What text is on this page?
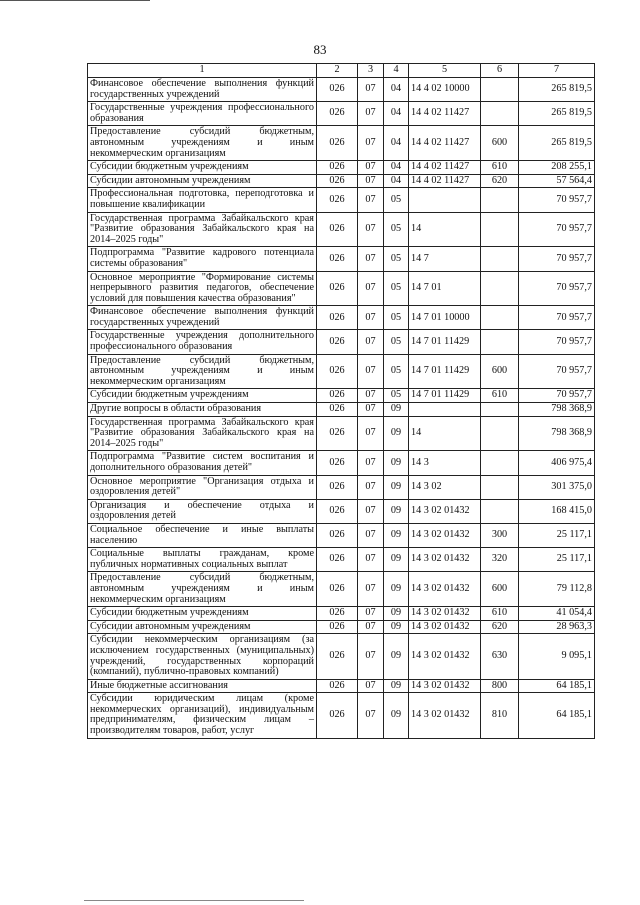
83
1	2	3	4	5	6	7
Финансовое обеспечение выполнения функций государственных учреждений	026	07	04	14 4 02 10000		265 819,5
Государственные учреждения профессионального образования	026	07	04	14 4 02 11427		265 819,5
Предоставление субсидий бюджетным, автономным учреждениям и иным некоммерческим организациям	026	07	04	14 4 02 11427	600	265 819,5
Субсидии бюджетным учреждениям	026	07	04	14 4 02 11427	610	208 255,1
Субсидии автономным учреждениям	026	07	04	14 4 02 11427	620	57 564,4
Профессиональная подготовка, переподготовка и повышение квалификации	026	07	05			70 957,7
Государственная программа Забайкальского края "Развитие образования Забайкальского края на 2014–2025 годы"	026	07	05	14		70 957,7
Подпрограмма "Развитие кадрового потенциала системы образования"	026	07	05	14 7		70 957,7
Основное мероприятие "Формирование системы непрерывного развития педагогов, обеспечение условий для повышения качества образования"	026	07	05	14 7 01		70 957,7
Финансовое обеспечение выполнения функций государственных учреждений	026	07	05	14 7 01 10000		70 957,7
Государственные учреждения дополнительного профессионального образования	026	07	05	14 7 01 11429		70 957,7
Предоставление субсидий бюджетным, автономным учреждениям и иным некоммерческим организациям	026	07	05	14 7 01 11429	600	70 957,7
Субсидии бюджетным учреждениям	026	07	05	14 7 01 11429	610	70 957,7
Другие вопросы в области образования	026	07	09			798 368,9
Государственная программа Забайкальского края "Развитие образования Забайкальского края на 2014–2025 годы"	026	07	09	14		798 368,9
Подпрограмма "Развитие систем воспитания и дополнительного образования детей"	026	07	09	14 3		406 975,4
Основное мероприятие "Организация отдыха и оздоровления детей"	026	07	09	14 3 02		301 375,0
Организация и обеспечение отдыха и оздоровления детей	026	07	09	14 3 02 01432		168 415,0
Социальное обеспечение и иные выплаты населению	026	07	09	14 3 02 01432	300	25 117,1
Социальные выплаты гражданам, кроме публичных нормативных социальных выплат	026	07	09	14 3 02 01432	320	25 117,1
Предоставление субсидий бюджетным, автономным учреждениям и иным некоммерческим организациям	026	07	09	14 3 02 01432	600	79 112,8
Субсидии бюджетным учреждениям	026	07	09	14 3 02 01432	610	41 054,4
Субсидии автономным учреждениям	026	07	09	14 3 02 01432	620	28 963,3
Субсидии некоммерческим организациям (за исключением государственных (муниципальных) учреждений, государственных корпораций (компаний), публично-правовых компаний)	026	07	09	14 3 02 01432	630	9 095,1
Иные бюджетные ассигнования	026	07	09	14 3 02 01432	800	64 185,1
Субсидии юридическим лицам (кроме некоммерческих организаций), индивидуальным предпринимателям, физическим лицам – производителям товаров, работ, услуг	026	07	09	14 3 02 01432	810	64 185,1
